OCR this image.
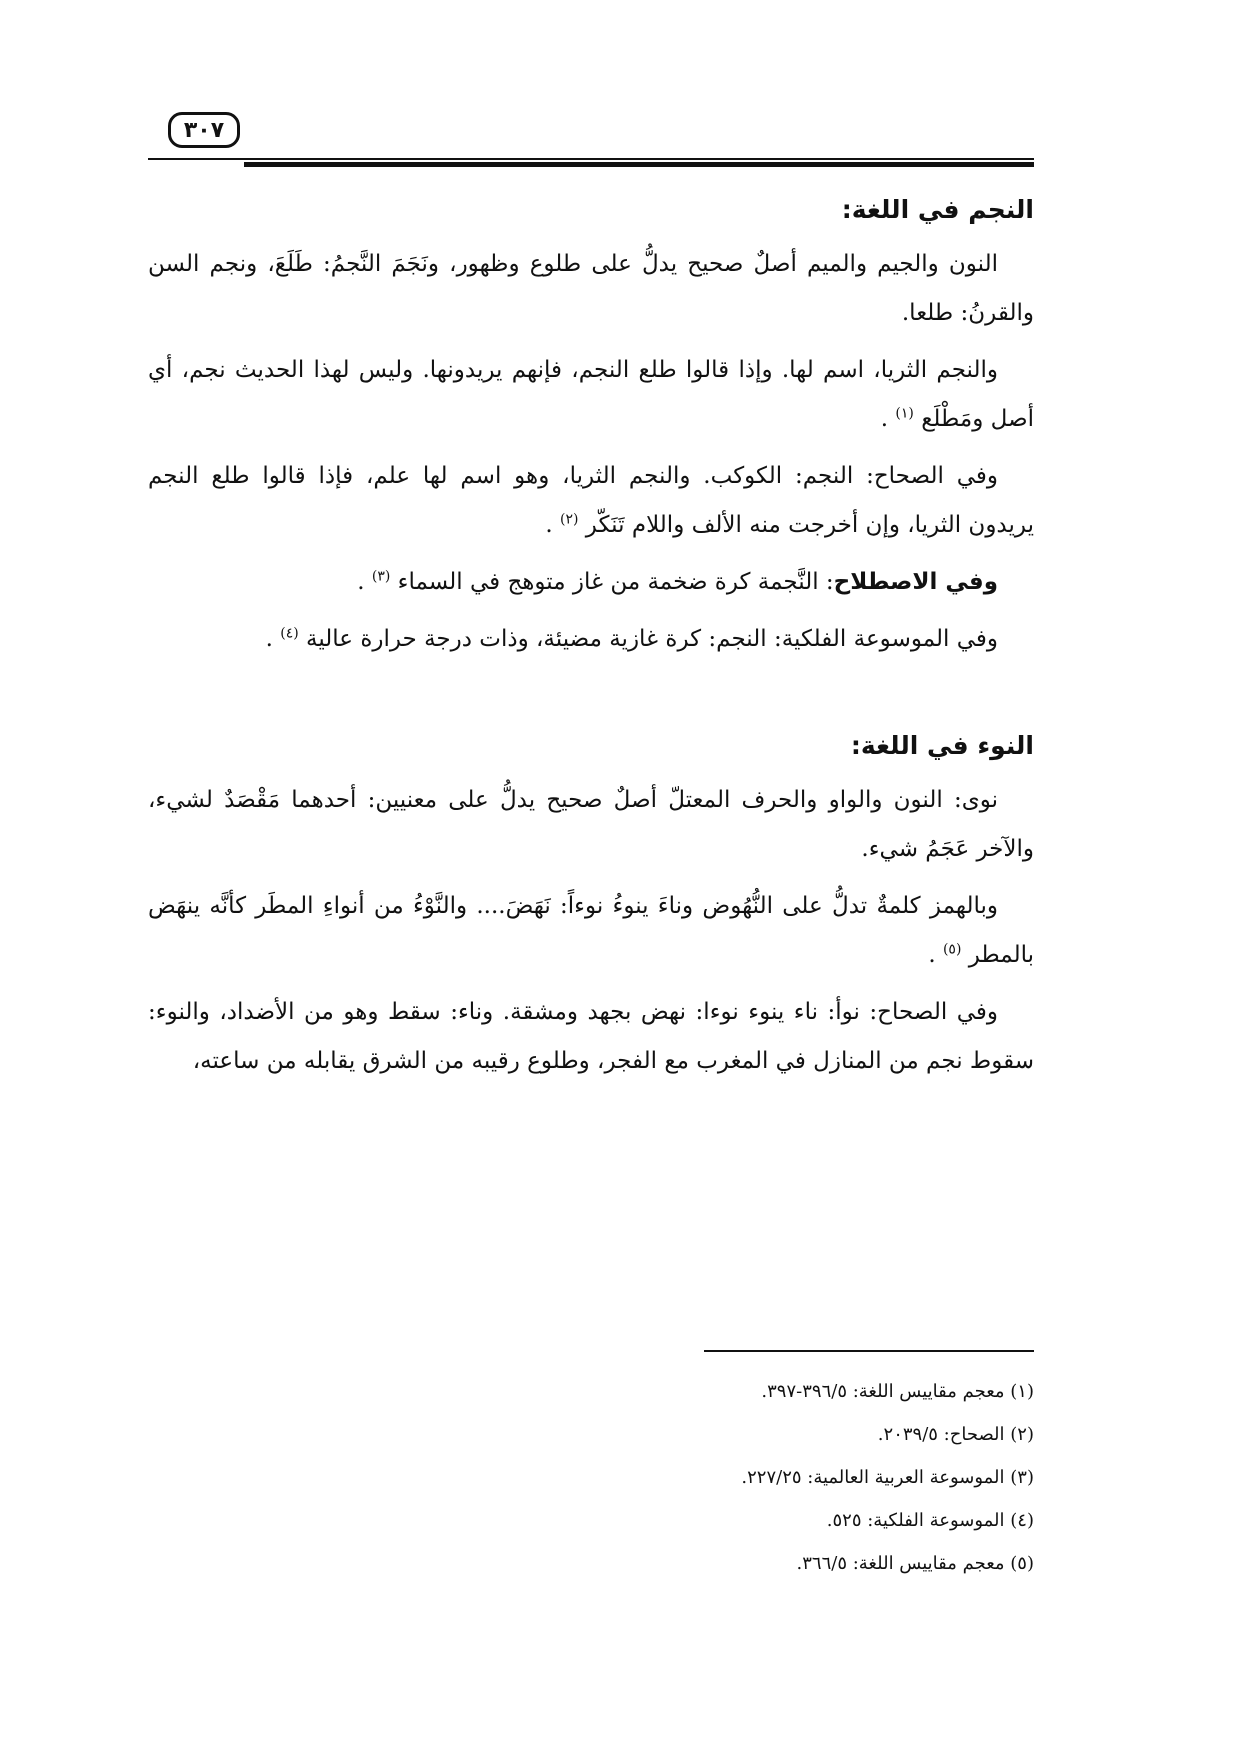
٣٠٧
النجم في اللغة:

النون والجيم والميم أصلٌ صحيح يدلُّ على طلوع وظهور، ونَجَمَ النَّجمُ: طَلَعَ، ونجم السن والقرنُ: طلعا.

والنجم الثريا، اسم لها. وإذا قالوا طلع النجم، فإنهم يريدونها. وليس لهذا الحديث نجم، أي أصل ومَطْلَع $^{(١)}$ .

وفي الصحاح: النجم: الكوكب. والنجم الثريا، وهو اسم لها علم، فإذا قالوا طلع النجم يريدون الثريا، وإن أخرجت منه الألف واللام تَنَكّر $^{(٢)}$ .

وفي الاصطلاح: النَّجمة كرة ضخمة من غاز متوهج في السماء $^{(٣)}$ .

وفي الموسوعة الفلكية: النجم: كرة غازية مضيئة، وذات درجة حرارة عالية $^{(٤)}$ .

النوء في اللغة:

نوى: النون والواو والحرف المعتلّ أصلٌ صحيح يدلُّ على معنيين: أحدهما مَقْصَدٌ لشيء، والآخر عَجَمُ شيء.

وبالهمز كلمةٌ تدلُّ على النُّهُوض وناءَ ينوءُ نوءاً: نَهَضَ.... والنَّوْءُ من أنواءِ المطَر كأنَّه ينهَض بالمطر $^{(٥)}$ .

وفي الصحاح: نوأ: ناء ينوء نوءا: نهض بجهد ومشقة. وناء: سقط وهو من الأضداد، والنوء: سقوط نجم من المنازل في المغرب مع الفجر، وطلوع رقيبه من الشرق يقابله من ساعته،

(١) معجم مقاييس اللغة: ٣٩٦/٥-٣٩٧.

(٢) الصحاح: ٢٠٣٩/٥.

(٣) الموسوعة العربية العالمية: ٢٢٧/٢٥.

(٤) الموسوعة الفلكية: ٥٢٥.

(٥) معجم مقاييس اللغة: ٣٦٦/٥.
